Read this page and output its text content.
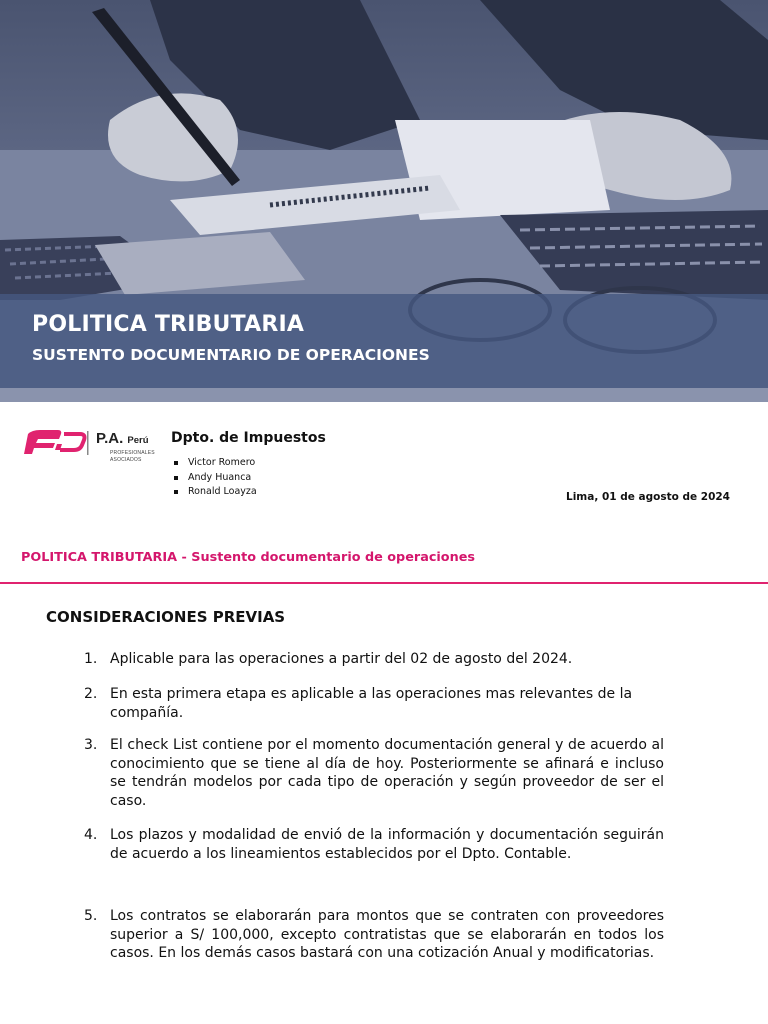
POLITICA TRIBUTARIA
SUSTENTO DOCUMENTARIO DE OPERACIONES
P.A. Perú
PROFESIONALES
ASOCIADOS
Dpto. de Impuestos
Victor Romero
Andy Huanca
Ronald Loayza	Lima, 01 de agosto de 2024
POLITICA TRIBUTARIA - Sustento documentario de operaciones
CONSIDERACIONES PREVIAS
1. Aplicable para las operaciones a partir del 02 de agosto del 2024.
2. En esta primera etapa es aplicable a las operaciones mas relevantes de la compañía.
3. El check List contiene por el momento documentación general y de acuerdo al conocimiento que se tiene al día de hoy. Posteriormente se afinará e incluso se tendrán modelos por cada tipo de operación y según proveedor de ser el caso.
4. Los plazos y modalidad de envió de la información y documentación seguirán de acuerdo a los lineamientos establecidos por el Dpto. Contable.
5. Los contratos se elaborarán para montos que se contraten con proveedores superior a S/ 100,000, excepto contratistas que se elaborarán en todos los casos. En los demás casos bastará con una cotización Anual y modificatorias.
